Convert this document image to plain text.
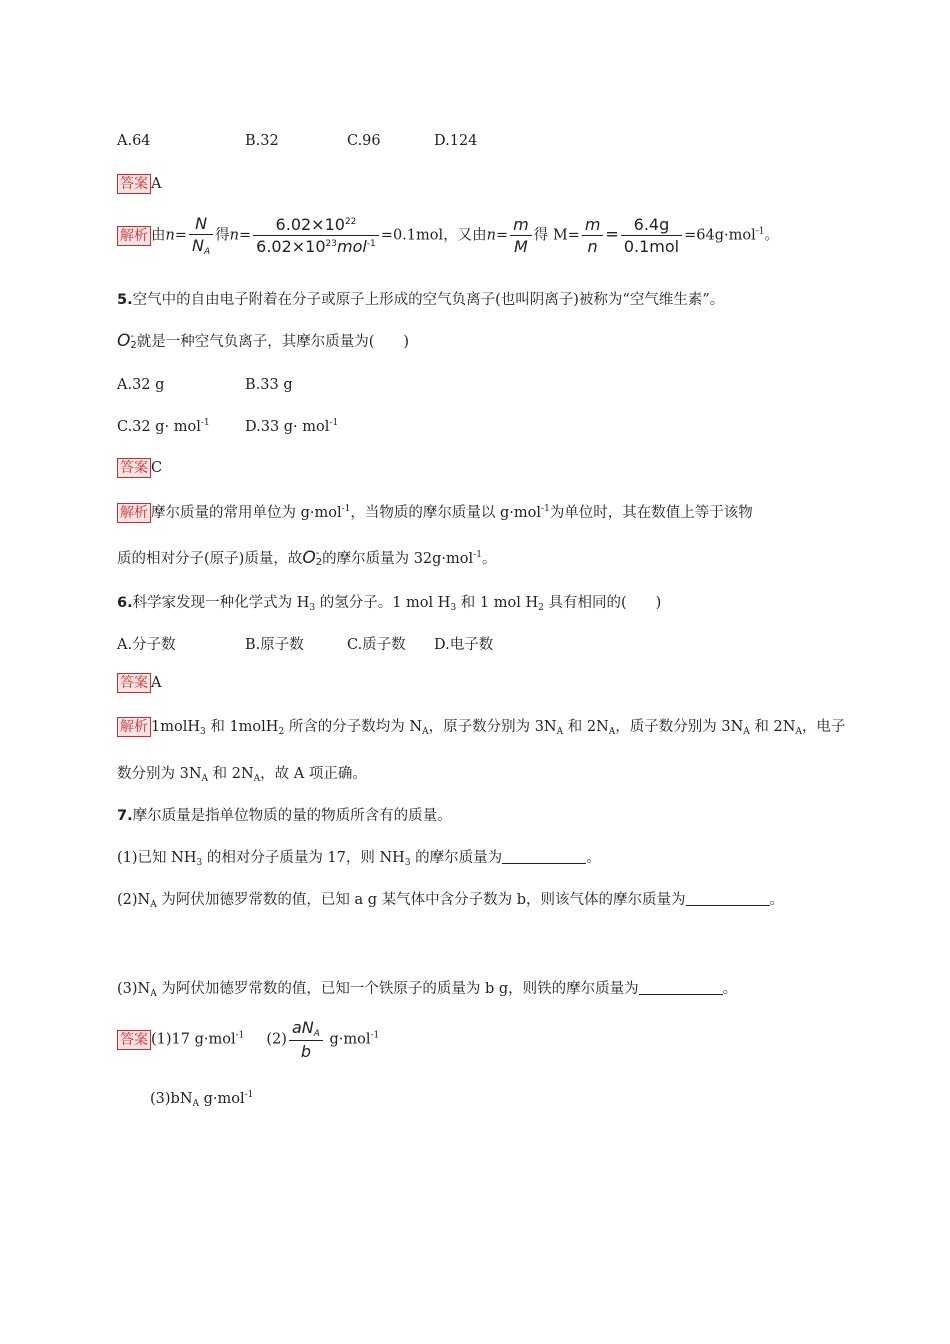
A.64	B.32	C.96	D.124
答案 A
解析 由$n= \frac{N}{N_A}$ 得$n= \frac{6.02\times 10^{22}}{6.02\times 10^{23}mol^{-1}} =0.1mol$，又由$n= \frac{m}{M}$ 得 $M= \frac{m}{n} = \frac{6.4g}{\text{0.1mol}} =64g\cdot mol^{-1}$。
5.空气中的自由电子附着在分子或原子上形成的空气负离子(也叫阴离子)被称为“空气维生素”。
O -
2 就是一种空气负离子，其摩尔质量为(　　)
A.32 g	B.33 g
C.32 g· mol$^{-1}$ D.33 g· mol$^{-1}$
答案 C
解析 摩尔质量的常用单位为 g·mol$^{-1}$，当物质的摩尔质量以 g·mol$^{-1}$为单位时，其在数值上等于该物
质的相对分子(原子)质量，故O -
2 的摩尔质量为 32g·mol$^{-1}$。
6.科学家发现一种化学式为 $H_3$ 的氢分子。1 mol $H_3$ 和 1 mol $H_2$ 具有相同的(　　)
A.分子数	B.原子数	C.质子数 D.电子数
答案 A
解析 1molH$_3$ 和 1molH$_2$ 所含的分子数均为 $N_A$，原子数分别为 $3N_A$ 和 $2N_A$，质子数分别为 $3N_A$ 和 $2N_A$，电子
数分别为 $3N_A$ 和 $2N_A$，故 A 项正确。
7.摩尔质量是指单位物质的量的物质所含有的质量。
(1)已知 $NH_3$ 的相对分子质量为 17，则 $NH_3$ 的摩尔质量为	。
$(2)N_A$ 为阿伏加德罗常数的值，已知 a g 某气体中含分子数为 b，则该气体的摩尔质量为	。
$(3)N_A$ 为阿伏加德罗常数的值，已知一个铁原子的质量为 b g，则铁的摩尔质量为	。
答案 (1)17 g·mol$^{-1}$ $(2) \frac{aN_A}{b} g\cdot mol^{-1}$
$(3)bN_A$ g·mol$^{-1}$
